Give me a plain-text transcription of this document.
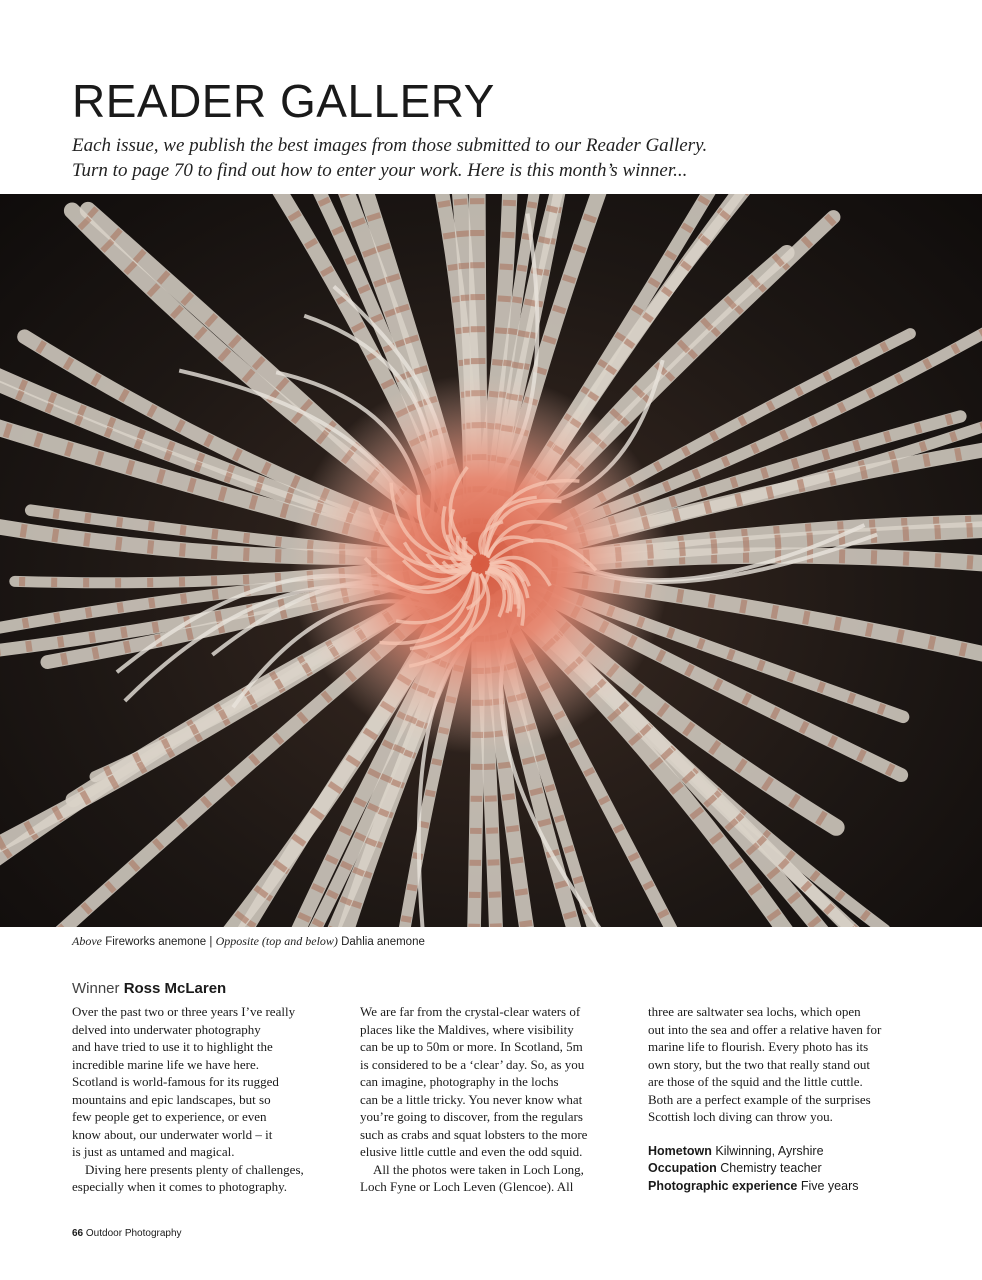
READER GALLERY
Each issue, we publish the best images from those submitted to our Reader Gallery.
Turn to page 70 to find out how to enter your work. Here is this month’s winner...
Above Fireworks anemone | Opposite (top and below) Dahlia anemone
Winner Ross McLaren
Over the past two or three years I’ve really
delved into underwater photography
and have tried to use it to highlight the
incredible marine life we have here.
Scotland is world-famous for its rugged
mountains and epic landscapes, but so
few people get to experience, or even
know about, our underwater world – it
is just as untamed and magical.
Diving here presents plenty of challenges,
especially when it comes to photography.
We are far from the crystal-clear waters of
places like the Maldives, where visibility
can be up to 50m or more. In Scotland, 5m
is considered to be a ‘clear’ day. So, as you
can imagine, photography in the lochs
can be a little tricky. You never know what
you’re going to discover, from the regulars
such as crabs and squat lobsters to the more
elusive little cuttle and even the odd squid.
All the photos were taken in Loch Long,
Loch Fyne or Loch Leven (Glencoe). All
three are saltwater sea lochs, which open
out into the sea and offer a relative haven for
marine life to flourish. Every photo has its
own story, but the two that really stand out
are those of the squid and the little cuttle.
Both are a perfect example of the surprises
Scottish loch diving can throw you.
Hometown Kilwinning, Ayrshire
Occupation Chemistry teacher
Photographic experience Five years
66 Outdoor Photography
